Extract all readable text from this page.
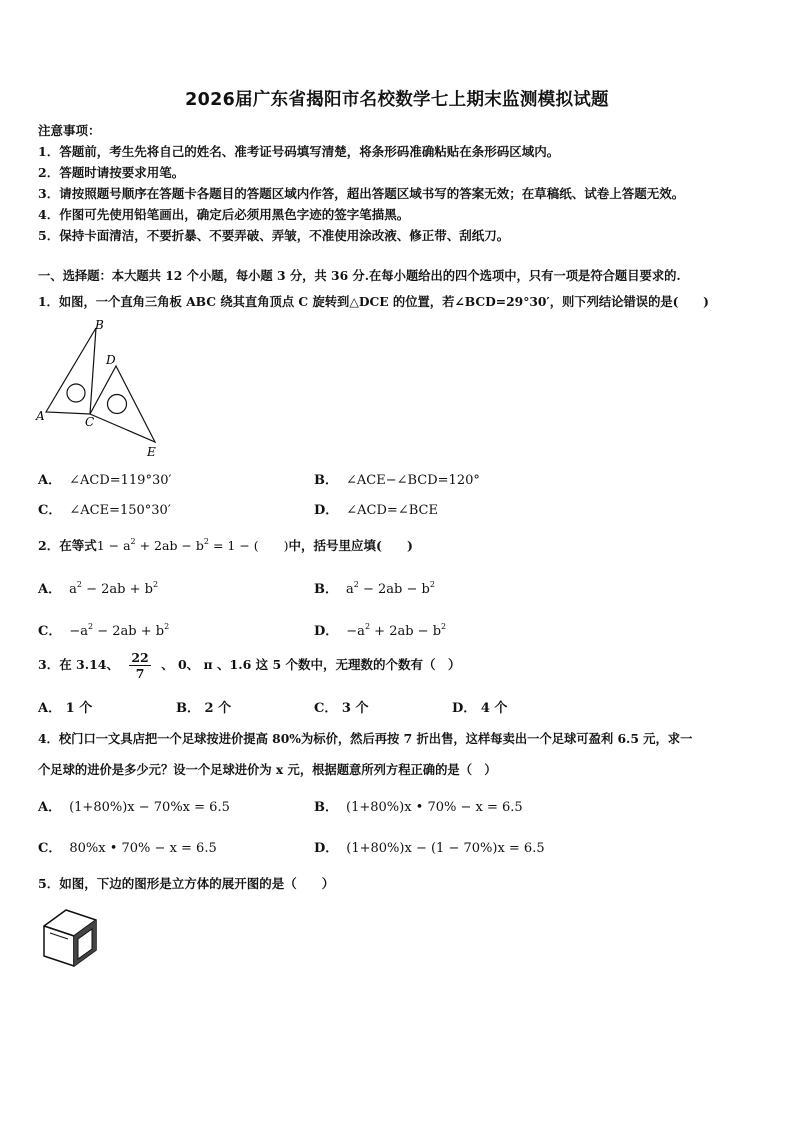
2026届广东省揭阳市名校数学七上期末监测模拟试题
注意事项：
1．答题前，考生先将自己的姓名、准考证号码填写清楚，将条形码准确粘贴在条形码区域内。
2．答题时请按要求用笔。
3．请按照题号顺序在答题卡各题目的答题区域内作答，超出答题区域书写的答案无效；在草稿纸、试卷上答题无效。
4．作图可先使用铅笔画出，确定后必须用黑色字迹的签字笔描黑。
5．保持卡面清洁，不要折暴、不要弄破、弄皱，不准使用涂改液、修正带、刮纸刀。
一、选择题：本大题共 12 个小题，每小题 3 分，共 36 分.在每小题给出的四个选项中，只有一项是符合题目要求的.
1．如图，一个直角三角板 ABC 绕其直角顶点 C 旋转到△DCE 的位置，若∠BCD=29°30′，则下列结论错误的是(　　)
A
B
C
D
E
A． ∠ACD=119°30′	B． ∠ACE−∠BCD=120°
C． ∠ACE=150°30′	D． ∠ACD=∠BCE
2．在等式$1 - a^2 + 2ab - b^2 = 1$ − (　　)中，括号里应填(　　)
A． $a^2 - 2ab + b^2$	B． $a^2 - 2ab - b^2$
C． $-a^2 - 2ab + b^2$	D． $-a^2 + 2ab - b^2$
3．在 3.14、 $\frac{22}{7}$ 、 0、 π 、1.6 这 5 个数中，无理数的个数有（　）
A． 1 个	B． 2 个	C． 3 个	D． 4 个
4．校门口一文具店把一个足球按进价提高 80%为标价，然后再按 7 折出售，这样每卖出一个足球可盈利 6.5 元，求一
个足球的进价是多少元？设一个足球进价为 x 元，根据题意所列方程正确的是（　）
A． (1+80%)x − 70%x = 6.5	B． (1+80%)x • 70% − x = 6.5
C． 80%x • 70% − x = 6.5	D． (1+80%)x − (1 − 70%)x = 6.5
5．如图，下边的图形是立方体的展开图的是（　　）
